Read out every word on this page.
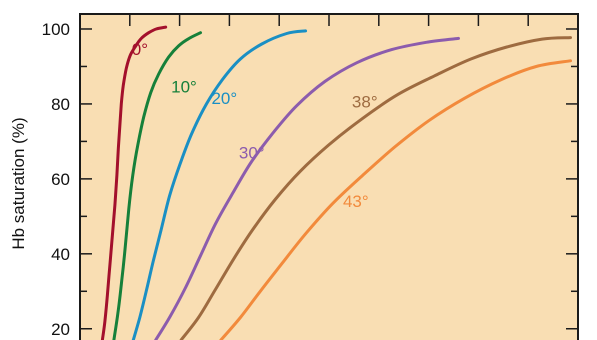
0°
10°
20°
30°
38°
43°
100
80
60
40
20
Hb saturation (%)
